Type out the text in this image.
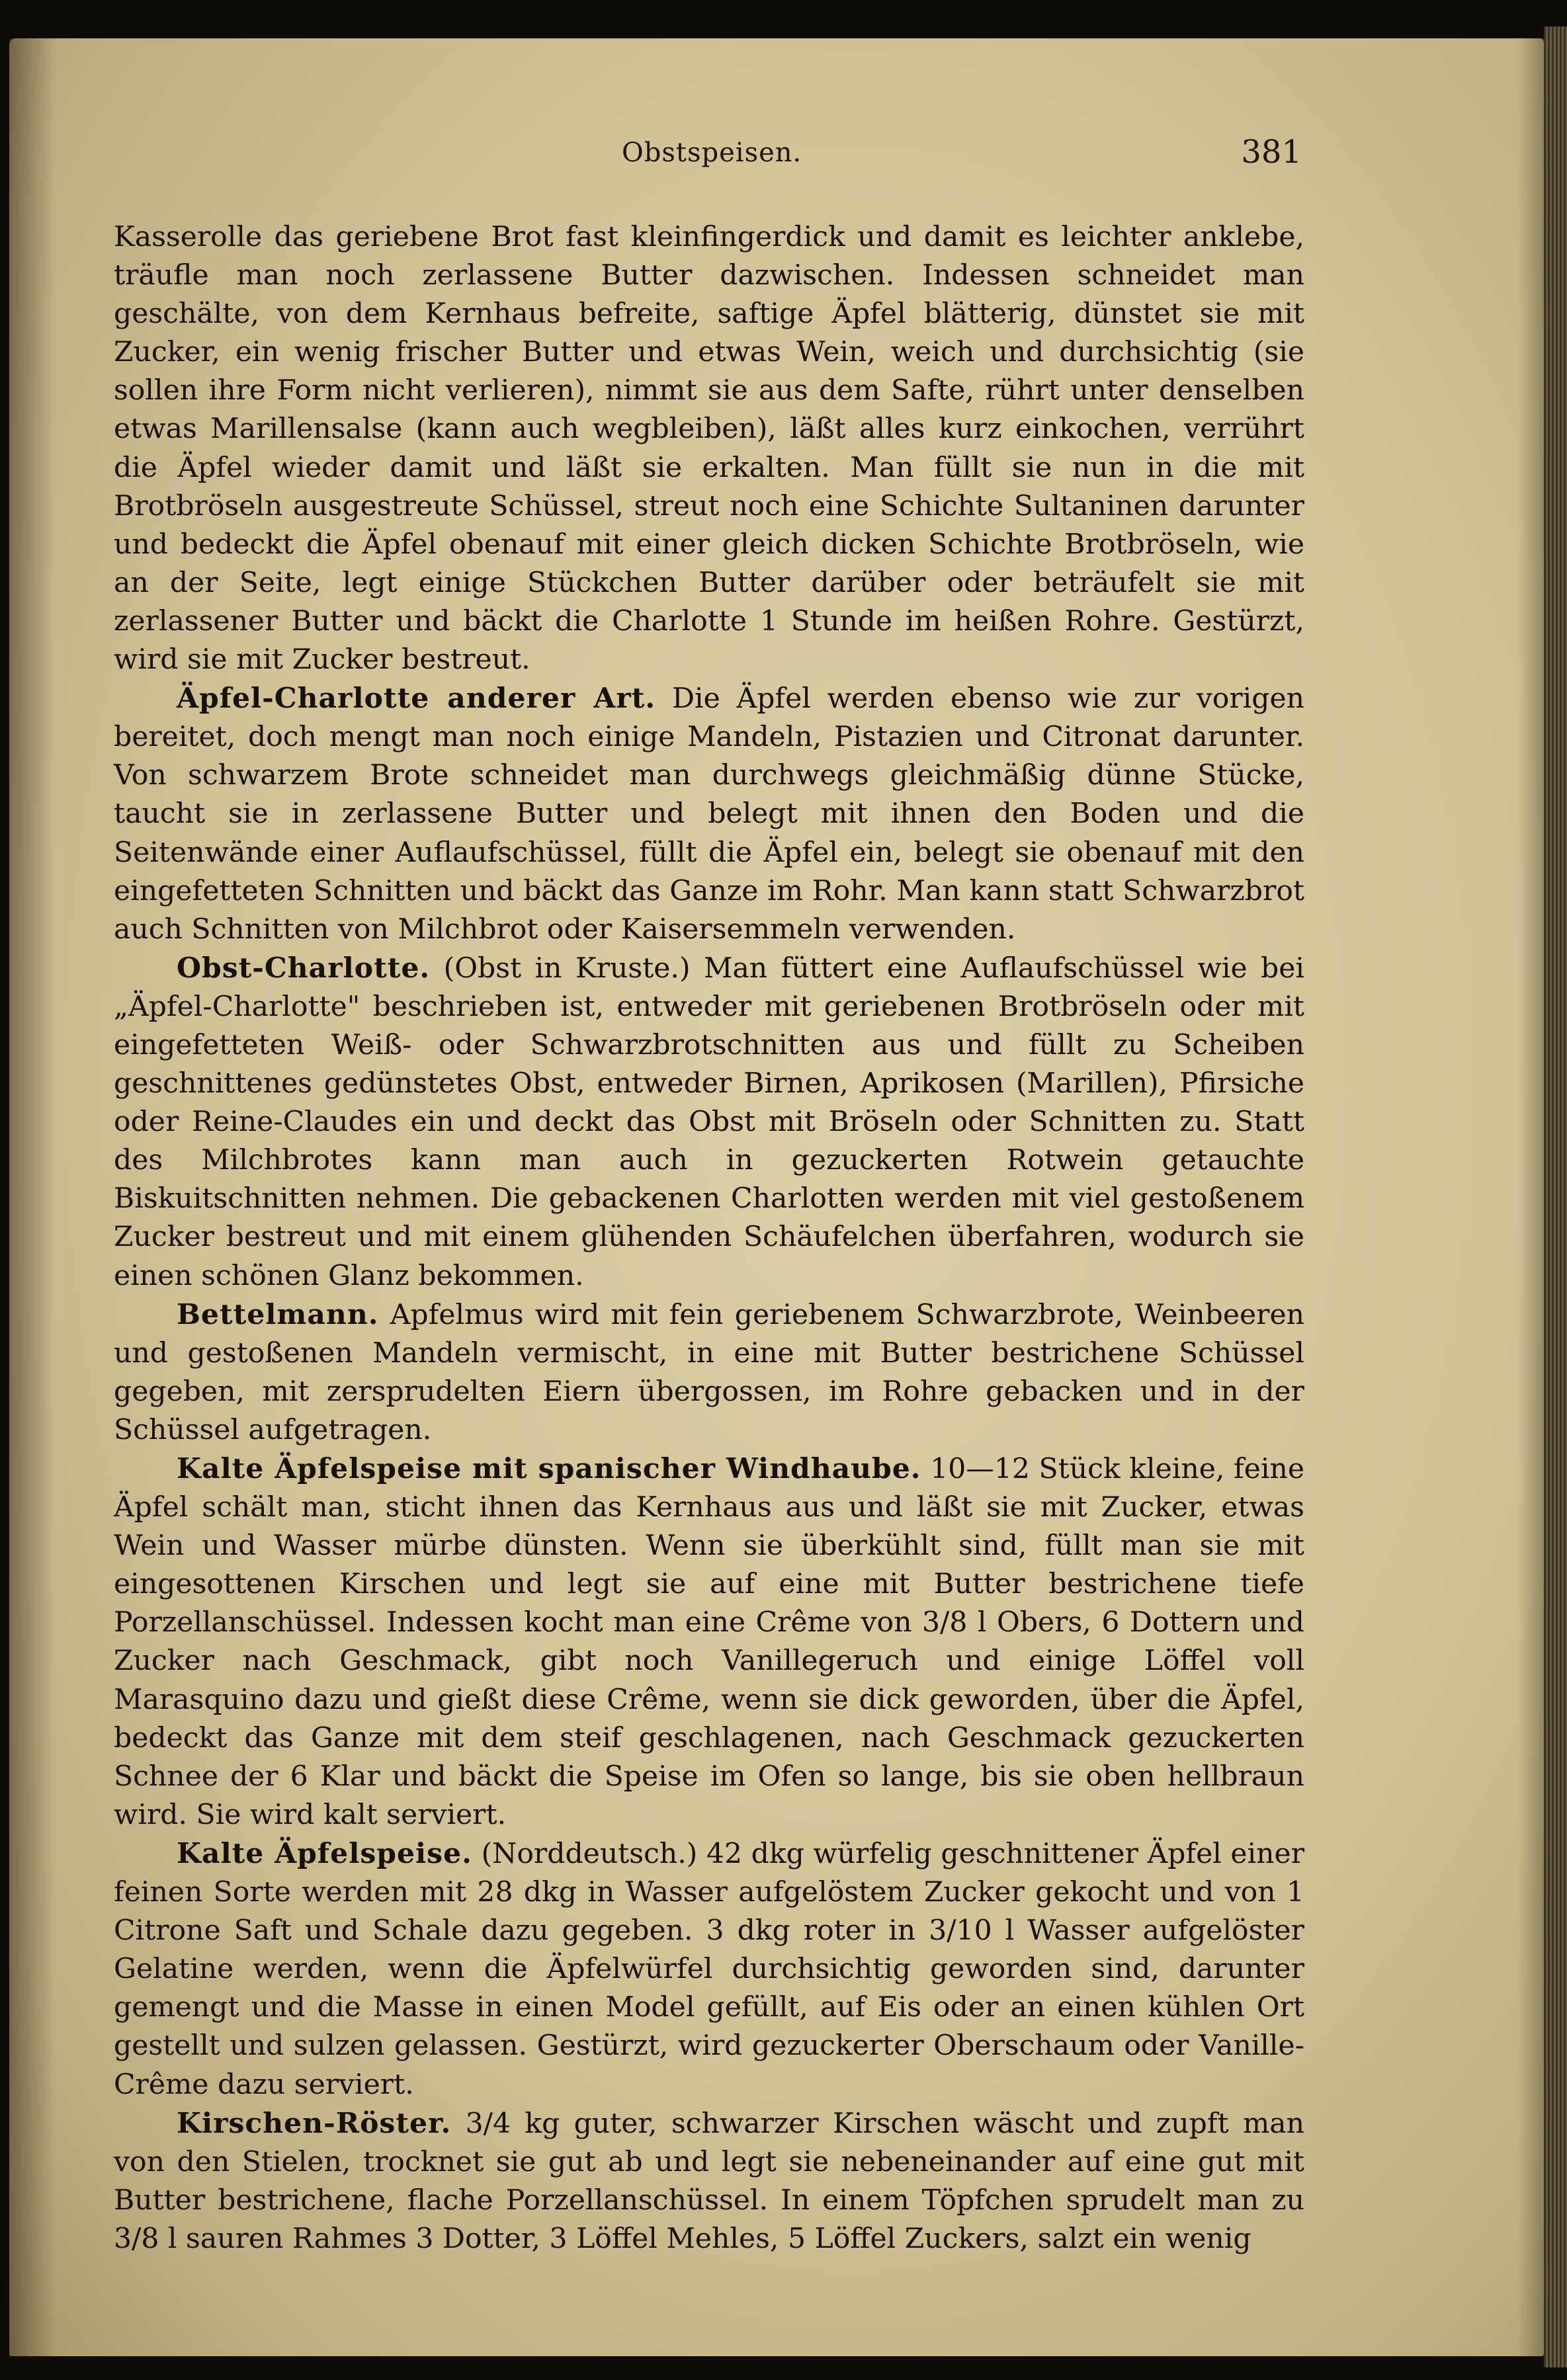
Obstspeisen.	381

Kasserolle das geriebene Brot fast kleinfingerdick und damit es leichter anklebe, träufle man noch zerlassene Butter dazwischen. Indessen schneidet man geschälte, von dem Kernhaus befreite, saftige Äpfel blätterig, dünstet sie mit Zucker, ein wenig frischer Butter und etwas Wein, weich und durchsichtig (sie sollen ihre Form nicht verlieren), nimmt sie aus dem Safte, rührt unter denselben etwas Marillensalse (kann auch wegbleiben), läßt alles kurz einkochen, verrührt die Äpfel wieder damit und läßt sie erkalten. Man füllt sie nun in die mit Brotbröseln ausgestreute Schüssel, streut noch eine Schichte Sultaninen darunter und bedeckt die Äpfel obenauf mit einer gleich dicken Schichte Brotbröseln, wie an der Seite, legt einige Stückchen Butter darüber oder beträufelt sie mit zerlassener Butter und bäckt die Charlotte 1 Stunde im heißen Rohre. Gestürzt, wird sie mit Zucker bestreut.

Äpfel-Charlotte anderer Art. Die Äpfel werden ebenso wie zur vorigen bereitet, doch mengt man noch einige Mandeln, Pistazien und Citronat darunter. Von schwarzem Brote schneidet man durchwegs gleichmäßig dünne Stücke, taucht sie in zerlassene Butter und belegt mit ihnen den Boden und die Seitenwände einer Auflaufschüssel, füllt die Äpfel ein, belegt sie obenauf mit den eingefetteten Schnitten und bäckt das Ganze im Rohr. Man kann statt Schwarzbrot auch Schnitten von Milchbrot oder Kaisersemmeln verwenden.

Obst-Charlotte. (Obst in Kruste.) Man füttert eine Auflaufschüssel wie bei „Äpfel-Charlotte" beschrieben ist, entweder mit geriebenen Brotbröseln oder mit eingefetteten Weiß- oder Schwarzbrotschnitten aus und füllt zu Scheiben geschnittenes gedünstetes Obst, entweder Birnen, Aprikosen (Marillen), Pfirsiche oder Reine-Claudes ein und deckt das Obst mit Bröseln oder Schnitten zu. Statt des Milchbrotes kann man auch in gezuckerten Rotwein getauchte Biskuitschnitten nehmen. Die gebackenen Charlotten werden mit viel gestoßenem Zucker bestreut und mit einem glühenden Schäufelchen überfahren, wodurch sie einen schönen Glanz bekommen.

Bettelmann. Apfelmus wird mit fein geriebenem Schwarzbrote, Weinbeeren und gestoßenen Mandeln vermischt, in eine mit Butter bestrichene Schüssel gegeben, mit zersprudelten Eiern übergossen, im Rohre gebacken und in der Schüssel aufgetragen.

Kalte Äpfelspeise mit spanischer Windhaube. 10—12 Stück kleine, feine Äpfel schält man, sticht ihnen das Kernhaus aus und läßt sie mit Zucker, etwas Wein und Wasser mürbe dünsten. Wenn sie überkühlt sind, füllt man sie mit eingesottenen Kirschen und legt sie auf eine mit Butter bestrichene tiefe Porzellanschüssel. Indessen kocht man eine Crême von 3/8 l Obers, 6 Dottern und Zucker nach Geschmack, gibt noch Vanillegeruch und einige Löffel voll Marasquino dazu und gießt diese Crême, wenn sie dick geworden, über die Äpfel, bedeckt das Ganze mit dem steif geschlagenen, nach Geschmack gezuckerten Schnee der 6 Klar und bäckt die Speise im Ofen so lange, bis sie oben hellbraun wird. Sie wird kalt serviert.

Kalte Äpfelspeise. (Norddeutsch.) 42 dkg würfelig geschnittener Äpfel einer feinen Sorte werden mit 28 dkg in Wasser aufgelöstem Zucker gekocht und von 1 Citrone Saft und Schale dazu gegeben. 3 dkg roter in 3/10 l Wasser aufgelöster Gelatine werden, wenn die Äpfelwürfel durchsichtig geworden sind, darunter gemengt und die Masse in einen Model gefüllt, auf Eis oder an einen kühlen Ort gestellt und sulzen gelassen. Gestürzt, wird gezuckerter Oberschaum oder Vanille-Crême dazu serviert.

Kirschen-Röster. 3/4 kg guter, schwarzer Kirschen wäscht und zupft man von den Stielen, trocknet sie gut ab und legt sie nebeneinander auf eine gut mit Butter bestrichene, flache Porzellanschüssel. In einem Töpfchen sprudelt man zu 3/8 l sauren Rahmes 3 Dotter, 3 Löffel Mehles, 5 Löffel Zuckers, salzt ein wenig
